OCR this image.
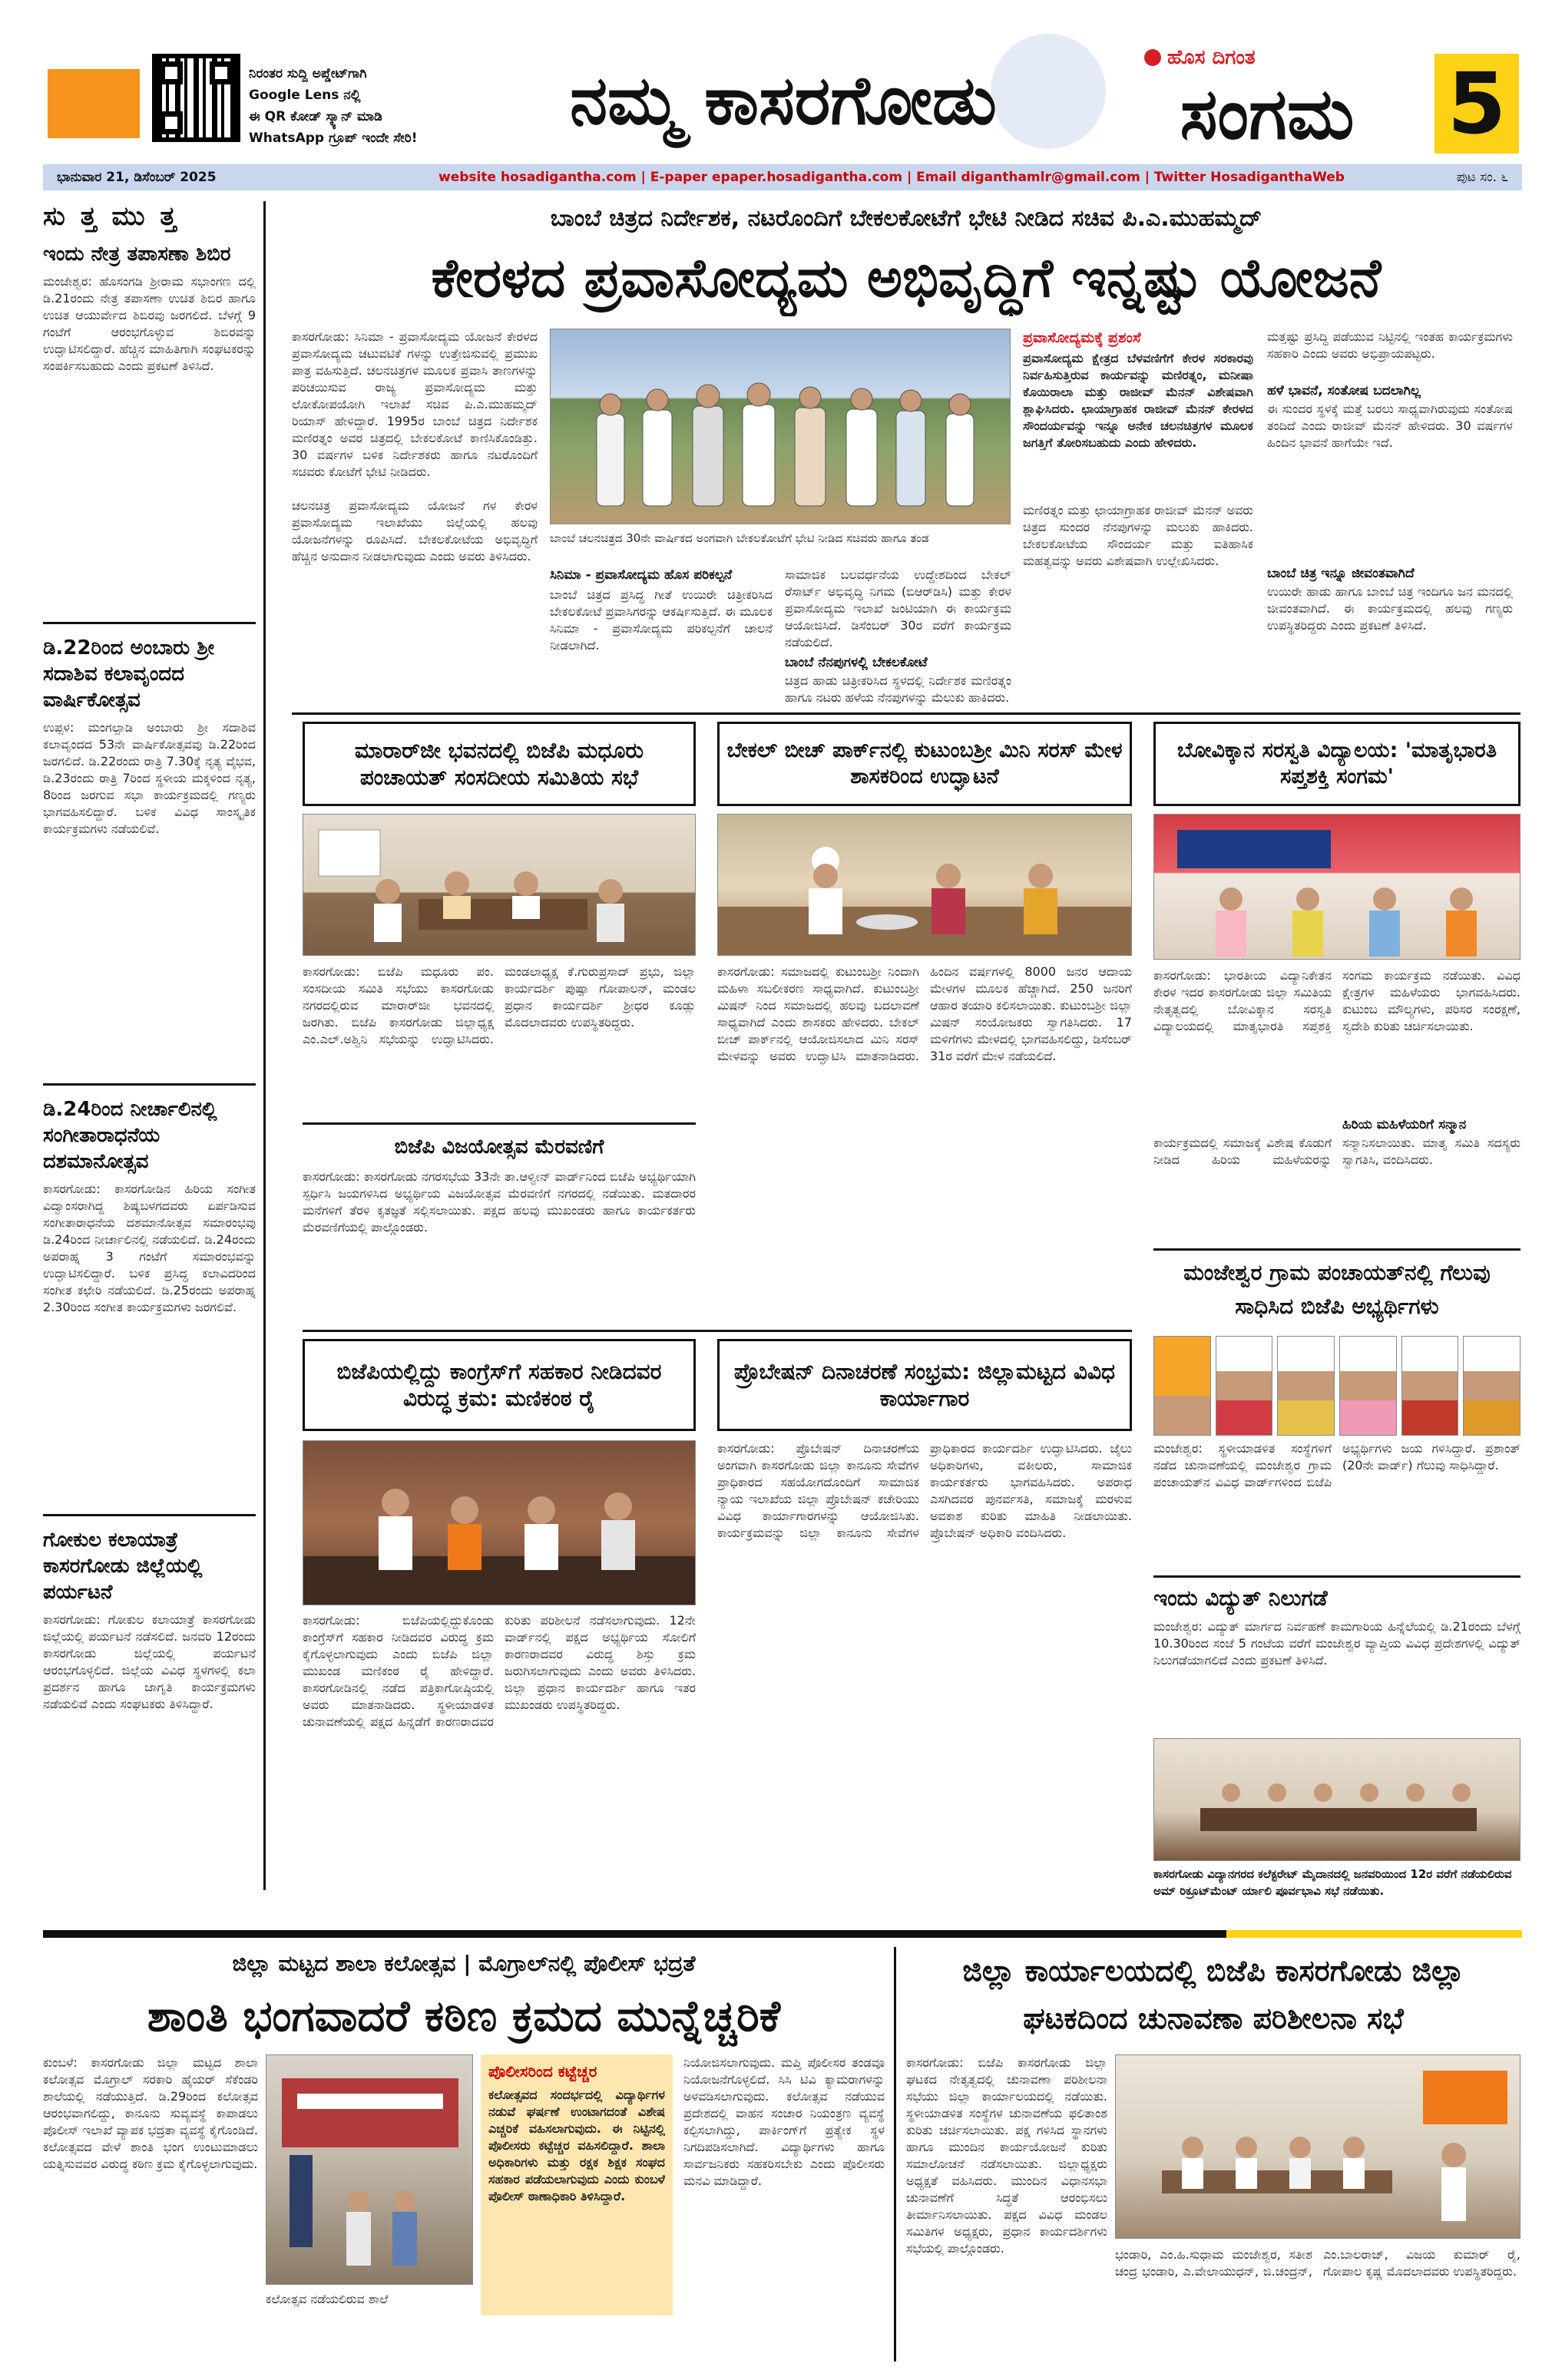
ನಿರಂತರ ಸುದ್ದಿ ಅಪ್ಡೇಟ್‌ಗಾಗಿ
Google Lens ನಲ್ಲಿ
ಈ QR ಕೋಡ್ ಸ್ಕ್ಯಾನ್ ಮಾಡಿ
WhatsApp ಗ್ರೂಪ್ ಇಂದೇ ಸೇರಿ!	ನಮ್ಮ ಕಾಸರಗೋಡು
ಹೊಸ ದಿಗಂತ
ಸಂಗಮ	5
ಭಾನುವಾರ 21, ಡಿಸೆಂಬರ್ 2025	website hosadigantha.com | E-paper epaper.hosadigantha.com | Email diganthamlr@gmail.com | Twitter HosadiganthaWeb	ಪುಟ ಸಂ. ೬
ಸು ತ್ತ ಮು ತ್ತ
ಇಂದು ನೇತ್ರ ತಪಾಸಣಾ ಶಿಬಿರ
ಮಂಜೇಶ್ವರ: ಹೊಸಂಗಡಿ ಶ್ರೀರಾಮ ಸಭಾಂಗಣ ದಲ್ಲಿ ಡಿ.21ರಂದು ನೇತ್ರ ತಪಾಸಣಾ ಉಚಿತ ಶಿಬಿರ ಹಾಗೂ ಉಚಿತ ಆಯುರ್ವೇದ ಶಿಬಿರವು ಜರಗಲಿದೆ. ಬೆಳಗ್ಗೆ 9 ಗಂಟೆಗೆ ಆರಂಭಗೊಳ್ಳುವ ಶಿಬಿರವನ್ನು ಉದ್ಘಾಟಿಸಲಿದ್ದಾರೆ. ಹೆಚ್ಚಿನ ಮಾಹಿತಿಗಾಗಿ ಸಂಘಟಕರನ್ನು ಸಂಪರ್ಕಿಸಬಹುದು ಎಂದು ಪ್ರಕಟಣೆ ತಿಳಿಸಿದೆ.
ಡಿ.22ರಿಂದ ಅಂಬಾರು ಶ್ರೀ ಸದಾಶಿವ ಕಲಾವೃಂದದ ವಾರ್ಷಿಕೋತ್ಸವ
ಉಪ್ಪಳ: ಮಂಗಲ್ಪಾಡಿ ಅಂಬಾರು ಶ್ರೀ ಸದಾಶಿವ ಕಲಾವೃಂದದ 53ನೇ ವಾರ್ಷಿಕೋತ್ಸವವು ಡಿ.22ರಿಂದ ಜರಗಲಿದೆ. ಡಿ.22ರಂದು ರಾತ್ರಿ 7.30ಕ್ಕೆ ನೃತ್ಯ ವೈಭವ, ಡಿ.23ರಂದು ರಾತ್ರಿ 7ರಿಂದ ಸ್ಥಳೀಯ ಮಕ್ಕಳಿಂದ ನೃತ್ಯ, 8ರಿಂದ ಜರಗುವ ಸಭಾ ಕಾರ್ಯಕ್ರಮದಲ್ಲಿ ಗಣ್ಯರು ಭಾಗವಹಿಸಲಿದ್ದಾರೆ. ಬಳಿಕ ವಿವಿಧ ಸಾಂಸ್ಕೃತಿಕ ಕಾರ್ಯಕ್ರಮಗಳು ನಡೆಯಲಿವೆ.
ಡಿ.24ರಿಂದ ನೀರ್ಚಾಲಿನಲ್ಲಿ ಸಂಗೀತಾರಾಧನೆಯ ದಶಮಾನೋತ್ಸವ
ಕಾಸರಗೋಡು: ಕಾಸರಗೋಡಿನ ಹಿರಿಯ ಸಂಗೀತ ವಿದ್ವಾಂಸರಾಗಿದ್ದ ಶಿಷ್ಯಬಳಗದವರು ಏರ್ಪಡಿಸುವ ಸಂಗೀತಾರಾಧನೆಯ ದಶಮಾನೋತ್ಸವ ಸಮಾರಂಭವು ಡಿ.24ರಿಂದ ನೀರ್ಚಾಲಿನಲ್ಲಿ ನಡೆಯಲಿದೆ. ಡಿ.24ರಂದು ಅಪರಾಹ್ನ 3 ಗಂಟೆಗೆ ಸಮಾರಂಭವನ್ನು ಉದ್ಘಾಟಿಸಲಿದ್ದಾರೆ. ಬಳಿಕ ಪ್ರಸಿದ್ಧ ಕಲಾವಿದರಿಂದ ಸಂಗೀತ ಕಛೇರಿ ನಡೆಯಲಿದೆ. ಡಿ.25ರಂದು ಅಪರಾಹ್ನ 2.30ರಿಂದ ಸಂಗೀತ ಕಾರ್ಯಕ್ರಮಗಳು ಜರಗಲಿವೆ.
ಗೋಕುಲ ಕಲಾಯಾತ್ರೆ ಕಾಸರಗೋಡು ಜಿಲ್ಲೆಯಲ್ಲಿ ಪರ್ಯಟನೆ
ಕಾಸರಗೋಡು: ಗೋಕುಲ ಕಲಾಯಾತ್ರೆ ಕಾಸರಗೋಡು ಜಿಲ್ಲೆಯಲ್ಲಿ ಪರ್ಯಟನೆ ನಡೆಸಲಿದೆ. ಜನವರಿ 12ರಂದು ಕಾಸರಗೋಡು ಜಿಲ್ಲೆಯಲ್ಲಿ ಪರ್ಯಟನೆ ಆರಂಭಗೊಳ್ಳಲಿದೆ. ಜಿಲ್ಲೆಯ ವಿವಿಧ ಸ್ಥಳಗಳಲ್ಲಿ ಕಲಾ ಪ್ರದರ್ಶನ ಹಾಗೂ ಜಾಗೃತಿ ಕಾರ್ಯಕ್ರಮಗಳು ನಡೆಯಲಿವೆ ಎಂದು ಸಂಘಟಕರು ತಿಳಿಸಿದ್ದಾರೆ.
ಬಾಂಬೆ ಚಿತ್ರದ ನಿರ್ದೇಶಕ, ನಟರೊಂದಿಗೆ ಬೇಕಲಕೋಟೆಗೆ ಭೇಟಿ ನೀಡಿದ ಸಚಿವ ಪಿ.ಎ.ಮುಹಮ್ಮದ್
ಕೇರಳದ ಪ್ರವಾಸೋದ್ಯಮ ಅಭಿವೃದ್ಧಿಗೆ ಇನ್ನಷ್ಟು ಯೋಜನೆ
ಕಾಸರಗೋಡು: ಸಿನಿಮಾ - ಪ್ರವಾಸೋದ್ಯಮ ಯೋಜನೆ ಕೇರಳದ ಪ್ರವಾಸೋದ್ಯಮ ಚಟುವಟಿಕೆ ಗಳನ್ನು ಉತ್ತೇಜಿಸುವಲ್ಲಿ ಪ್ರಮುಖ ಪಾತ್ರ ವಹಿಸುತ್ತಿದೆ. ಚಲನಚಿತ್ರಗಳ ಮೂಲಕ ಪ್ರವಾಸಿ ತಾಣಗಳನ್ನು ಪರಿಚಯಿಸುವ ರಾಜ್ಯ ಪ್ರವಾಸೋದ್ಯಮ ಮತ್ತು ಲೋಕೋಪಯೋಗಿ ಇಲಾಖೆ ಸಚಿವ ಪಿ.ಎ.ಮುಹಮ್ಮದ್ ರಿಯಾಸ್ ಹೇಳಿದ್ದಾರೆ. 1995ರ ಬಾಂಬೆ ಚಿತ್ರದ ನಿರ್ದೇಶಕ ಮಣಿರತ್ನಂ ಅವರ ಚಿತ್ರದಲ್ಲಿ ಬೇಕಲಕೋಟೆ ಕಾಣಿಸಿಕೊಂಡಿತ್ತು. 30 ವರ್ಷಗಳ ಬಳಿಕ ನಿರ್ದೇಶಕರು ಹಾಗೂ ನಟರೊಂದಿಗೆ ಸಚಿವರು ಕೋಟೆಗೆ ಭೇಟಿ ನೀಡಿದರು.
ಬಾಂಬೆ ಚಲನಚಿತ್ರದ 30ನೇ ವಾರ್ಷಿಕದ ಅಂಗವಾಗಿ ಬೇಕಲಕೋಟೆಗೆ ಭೇಟಿ ನೀಡಿದ ಸಚಿವರು ಹಾಗೂ ತಂಡ
ಚಲನಚಿತ್ರ ಪ್ರವಾಸೋದ್ಯಮ ಯೋಜನೆ ಗಳ ಕೇರಳ ಪ್ರವಾಸೋದ್ಯಮ ಇಲಾಖೆಯು ಜಿಲ್ಲೆಯಲ್ಲಿ ಹಲವು ಯೋಜನೆಗಳನ್ನು ರೂಪಿಸಿದೆ. ಬೇಕಲಕೋಟೆಯ ಅಭಿವೃದ್ಧಿಗೆ ಹೆಚ್ಚಿನ ಅನುದಾನ ನೀಡಲಾಗುವುದು ಎಂದು ಅವರು ತಿಳಿಸಿದರು.
ಸಿನಿಮಾ - ಪ್ರವಾಸೋದ್ಯಮ ಹೊಸ ಪರಿಕಲ್ಪನೆ
ಬಾಂಬೆ ಚಿತ್ರದ ಪ್ರಸಿದ್ಧ ಗೀತೆ ಉಯಿರೇ ಚಿತ್ರೀಕರಿಸಿದ ಬೇಕಲಕೋಟೆ ಪ್ರವಾಸಿಗರನ್ನು ಆಕರ್ಷಿಸುತ್ತಿದೆ. ಈ ಮೂಲಕ ಸಿನಿಮಾ - ಪ್ರವಾಸೋದ್ಯಮ ಪರಿಕಲ್ಪನೆಗೆ ಚಾಲನೆ ನೀಡಲಾಗಿದೆ.
ಸಾಮಾಜಿಕ ಬಲವರ್ಧನೆಯ ಉದ್ದೇಶದಿಂದ ಬೇಕಲ್ ರೆಸಾರ್ಟ್ ಅಭಿವೃದ್ಧಿ ನಿಗಮ (ಬಿಆರ್‌ಡಿಸಿ) ಮತ್ತು ಕೇರಳ ಪ್ರವಾಸೋದ್ಯಮ ಇಲಾಖೆ ಜಂಟಿಯಾಗಿ ಈ ಕಾರ್ಯಕ್ರಮ ಆಯೋಜಿಸಿದೆ. ಡಿಸೆಂಬರ್ 30ರ ವರೆಗೆ ಕಾರ್ಯಕ್ರಮ ನಡೆಯಲಿದೆ.
ಬಾಂಬೆ ನೆನಪುಗಳಲ್ಲಿ ಬೇಕಲಕೋಟೆ
ಚಿತ್ರದ ಹಾಡು ಚಿತ್ರೀಕರಿಸಿದ ಸ್ಥಳದಲ್ಲಿ ನಿರ್ದೇಶಕ ಮಣಿರತ್ನಂ ಹಾಗೂ ನಟರು ಹಳೆಯ ನೆನಪುಗಳನ್ನು ಮೆಲುಕು ಹಾಕಿದರು.
ಪ್ರವಾಸೋದ್ಯಮಕ್ಕೆ ಪ್ರಶಂಸೆ
ಪ್ರವಾಸೋದ್ಯಮ ಕ್ಷೇತ್ರದ ಬೆಳವಣಿಗೆಗೆ ಕೇರಳ ಸರಕಾರವು ನಿರ್ವಹಿಸುತ್ತಿರುವ ಕಾರ್ಯವನ್ನು ಮಣಿರತ್ನಂ, ಮನೀಷಾ ಕೊಯಿರಾಲಾ ಮತ್ತು ರಾಜೀವ್ ಮೆನನ್ ವಿಶೇಷವಾಗಿ ಶ್ಲಾಘಿಸಿದರು. ಛಾಯಾಗ್ರಾಹಕ ರಾಜೀವ್ ಮೆನನ್ ಕೇರಳದ ಸೌಂದರ್ಯವನ್ನು ಇನ್ನೂ ಅನೇಕ ಚಲನಚಿತ್ರಗಳ ಮೂಲಕ ಜಗತ್ತಿಗೆ ತೋರಿಸಬಹುದು ಎಂದು ಹೇಳಿದರು.
ಮಣಿರತ್ನಂ ಮತ್ತು ಛಾಯಾಗ್ರಾಹಕ ರಾಜೀವ್ ಮೆನನ್ ಅವರು ಚಿತ್ರದ ಸುಂದರ ನೆನಪುಗಳನ್ನು ಮಲುಕು ಹಾಕಿದರು. ಬೇಕಲಕೋಟೆಯ ಸೌಂದರ್ಯ ಮತ್ತು ಐತಿಹಾಸಿಕ ಮಹತ್ವವನ್ನು ಅವರು ವಿಶೇಷವಾಗಿ ಉಲ್ಲೇಖಿಸಿದರು.
ಮತ್ತಷ್ಟು ಪ್ರಸಿದ್ಧಿ ಪಡೆಯುವ ನಿಟ್ಟಿನಲ್ಲಿ ಇಂತಹ ಕಾರ್ಯಕ್ರಮಗಳು ಸಹಕಾರಿ ಎಂದು ಅವರು ಅಭಿಪ್ರಾಯಪಟ್ಟರು.
ಹಳೆ ಭಾವನೆ, ಸಂತೋಷ ಬದಲಾಗಿಲ್ಲ
ಈ ಸುಂದರ ಸ್ಥಳಕ್ಕೆ ಮತ್ತೆ ಬರಲು ಸಾಧ್ಯವಾಗಿರುವುದು ಸಂತೋಷ ತಂದಿದೆ ಎಂದು ರಾಜೀವ್ ಮೆನನ್ ಹೇಳಿದರು. 30 ವರ್ಷಗಳ ಹಿಂದಿನ ಭಾವನೆ ಹಾಗೆಯೇ ಇದೆ.
ಬಾಂಬೆ ಚಿತ್ರ ಇನ್ನೂ ಜೀವಂತವಾಗಿದೆ
ಉಯಿರೇ ಹಾಡು ಹಾಗೂ ಬಾಂಬೆ ಚಿತ್ರ ಇಂದಿಗೂ ಜನ ಮನದಲ್ಲಿ ಜೀವಂತವಾಗಿದೆ. ಈ ಕಾರ್ಯಕ್ರಮದಲ್ಲಿ ಹಲವು ಗಣ್ಯರು ಉಪಸ್ಥಿತರಿದ್ದರು ಎಂದು ಪ್ರಕಟಣೆ ತಿಳಿಸಿದೆ.
ಮಾರಾರ್‌ಜೀ ಭವನದಲ್ಲಿ ಬಿಜೆಪಿ ಮಧೂರು ಪಂಚಾಯತ್ ಸಂಸದೀಯ ಸಮಿತಿಯ ಸಭೆ
ಕಾಸರಗೋಡು: ಬಿಜೆಪಿ ಮಧೂರು ಪಂ. ಸಂಸದೀಯ ಸಮಿತಿ ಸಭೆಯು ಕಾಸರಗೋಡು ನಗರದಲ್ಲಿರುವ ಮಾರಾರ್‌ಜೀ ಭವನದಲ್ಲಿ ಜರಗಿತು. ಬಿಜೆಪಿ ಕಾಸರಗೋಡು ಜಿಲ್ಲಾಧ್ಯಕ್ಷ ಎಂ.ಎಲ್.ಅಶ್ವಿನಿ ಸಭೆಯನ್ನು ಉದ್ಘಾಟಿಸಿದರು. ಮಂಡಲಾಧ್ಯಕ್ಷ ಕೆ.ಗುರುಪ್ರಸಾದ್ ಪ್ರಭು, ಜಿಲ್ಲಾ ಕಾರ್ಯದರ್ಶಿ ಪುಷ್ಪಾ ಗೋಪಾಲನ್, ಮಂಡಲ ಪ್ರಧಾನ ಕಾರ್ಯದರ್ಶಿ ಶ್ರೀಧರ ಕೂಡ್ಲು ಮೊದಲಾದವರು ಉಪಸ್ಥಿತರಿದ್ದರು.
ಬಿಜೆಪಿ ವಿಜಯೋತ್ಸವ ಮೆರವಣಿಗೆ
ಕಾಸರಗೋಡು: ಕಾಸರಗೋಡು ನಗರಸಭೆಯ 33ನೇ ತಾ.ಆಳ್ವೀನ್ ವಾರ್ಡ್‌ನಿಂದ ಬಿಜೆಪಿ ಅಭ್ಯರ್ಥಿಯಾಗಿ ಸ್ಪರ್ಧಿಸಿ ಜಯಗಳಿಸಿದ ಅಭ್ಯರ್ಥಿಯ ವಿಜಯೋತ್ಸವ ಮೆರವಣಿಗೆ ನಗರದಲ್ಲಿ ನಡೆಯಿತು. ಮತದಾರರ ಮನೆಗಳಿಗೆ ತೆರಳಿ ಕೃತಜ್ಞತೆ ಸಲ್ಲಿಸಲಾಯಿತು. ಪಕ್ಷದ ಹಲವು ಮುಖಂಡರು ಹಾಗೂ ಕಾರ್ಯಕರ್ತರು ಮೆರವಣಿಗೆಯಲ್ಲಿ ಪಾಲ್ಗೊಂಡರು.
ಬೇಕಲ್ ಬೀಚ್ ಪಾರ್ಕ್‌ನಲ್ಲಿ ಕುಟುಂಬಶ್ರೀ ಮಿನಿ ಸರಸ್ ಮೇಳ ಶಾಸಕರಿಂದ ಉದ್ಘಾಟನೆ
ಕಾಸರಗೋಡು: ಸಮಾಜದಲ್ಲಿ ಕುಟುಂಬಶ್ರೀ ನಿಂದಾಗಿ ಮಹಿಳಾ ಸಬಲೀಕರಣ ಸಾಧ್ಯವಾಗಿದೆ. ಕುಟುಂಬಶ್ರೀ ಮಿಷನ್ ನಿಂದ ಸಮಾಜದಲ್ಲಿ ಹಲವು ಬದಲಾವಣೆ ಸಾಧ್ಯವಾಗಿದೆ ಎಂದು ಶಾಸಕರು ಹೇಳಿದರು. ಬೇಕಲ್ ಬೀಚ್ ಪಾರ್ಕ್‌ನಲ್ಲಿ ಆಯೋಜಿಸಲಾದ ಮಿನಿ ಸರಸ್ ಮೇಳವನ್ನು ಅವರು ಉದ್ಘಾಟಿಸಿ ಮಾತನಾಡಿದರು. ಹಿಂದಿನ ವರ್ಷಗಳಲ್ಲಿ 8000 ಜನರ ಆದಾಯ ಮೇಳಗಳ ಮೂಲಕ ಹೆಚ್ಚಾಗಿದೆ. 250 ಜನರಿಗೆ ಆಹಾರ ತಯಾರಿ ಕಲಿಸಲಾಯಿತು. ಕುಟುಂಬಶ್ರೀ ಜಿಲ್ಲಾ ಮಿಷನ್ ಸಂಯೋಜಕರು ಸ್ವಾಗತಿಸಿದರು. 17 ಮಳಿಗೆಗಳು ಮೇಳದಲ್ಲಿ ಭಾಗವಹಿಸಲಿದ್ದು, ಡಿಸೆಂಬರ್ 31ರ ವರೆಗೆ ಮೇಳ ನಡೆಯಲಿದೆ.
ಬೋವಿಕ್ಕಾನ ಸರಸ್ವತಿ ವಿದ್ಯಾಲಯ: 'ಮಾತೃಭಾರತಿ ಸಪ್ತಶಕ್ತಿ ಸಂಗಮ'
ಕಾಸರಗೋಡು: ಭಾರತೀಯ ವಿದ್ಯಾನಿಕೇತನ ಕೇರಳ ಇದರ ಕಾಸರಗೋಡು ಜಿಲ್ಲಾ ಸಮಿತಿಯ ನೇತೃತ್ವದಲ್ಲಿ ಬೋವಿಕ್ಕಾನ ಸರಸ್ವತಿ ವಿದ್ಯಾಲಯದಲ್ಲಿ ಮಾತೃಭಾರತಿ ಸಪ್ತಶಕ್ತಿ ಸಂಗಮ ಕಾರ್ಯಕ್ರಮ ನಡೆಯಿತು. ವಿವಿಧ ಕ್ಷೇತ್ರಗಳ ಮಹಿಳೆಯರು ಭಾಗವಹಿಸಿದರು. ಕುಟುಂಬ ಮೌಲ್ಯಗಳು, ಪರಿಸರ ಸಂರಕ್ಷಣೆ, ಸ್ವದೇಶಿ ಕುರಿತು ಚರ್ಚಿಸಲಾಯಿತು.
ಹಿರಿಯ ಮಹಿಳೆಯರಿಗೆ ಸನ್ಮಾನ
ಕಾರ್ಯಕ್ರಮದಲ್ಲಿ ಸಮಾಜಕ್ಕೆ ವಿಶೇಷ ಕೊಡುಗೆ ನೀಡಿದ ಹಿರಿಯ ಮಹಿಳೆಯರನ್ನು ಸನ್ಮಾನಿಸಲಾಯಿತು. ಮಾತೃ ಸಮಿತಿ ಸದಸ್ಯರು ಸ್ವಾಗತಿಸಿ, ವಂದಿಸಿದರು.
ಮಂಜೇಶ್ವರ ಗ್ರಾಮ ಪಂಚಾಯತ್‌ನಲ್ಲಿ ಗೆಲುವು ಸಾಧಿಸಿದ ಬಿಜೆಪಿ ಅಭ್ಯರ್ಥಿಗಳು
ಬಿಜೆಪಿಯಲ್ಲಿದ್ದು ಕಾಂಗ್ರೆಸ್‌ಗೆ ಸಹಕಾರ ನೀಡಿದವರ ವಿರುದ್ಧ ಕ್ರಮ: ಮಣಿಕಂಠ ರೈ
ಕಾಸರಗೋಡು: ಬಿಜೆಪಿಯಲ್ಲಿದ್ದುಕೊಂಡು ಕಾಂಗ್ರೆಸ್‌ಗೆ ಸಹಕಾರ ನೀಡಿದವರ ವಿರುದ್ಧ ಕ್ರಮ ಕೈಗೊಳ್ಳಲಾಗುವುದು ಎಂದು ಬಿಜೆಪಿ ಜಿಲ್ಲಾ ಮುಖಂಡ ಮಣಿಕಂಠ ರೈ ಹೇಳಿದ್ದಾರೆ. ಕಾಸರಗೋಡಿನಲ್ಲಿ ನಡೆದ ಪತ್ರಿಕಾಗೋಷ್ಠಿಯಲ್ಲಿ ಅವರು ಮಾತನಾಡಿದರು. ಸ್ಥಳೀಯಾಡಳಿತ ಚುನಾವಣೆಯಲ್ಲಿ ಪಕ್ಷದ ಹಿನ್ನಡೆಗೆ ಕಾರಣರಾದವರ ಕುರಿತು ಪರಿಶೀಲನೆ ನಡೆಸಲಾಗುವುದು. 12ನೇ ವಾರ್ಡ್‌ನಲ್ಲಿ ಪಕ್ಷದ ಅಭ್ಯರ್ಥಿಯ ಸೋಲಿಗೆ ಕಾರಣರಾದವರ ವಿರುದ್ಧ ಶಿಸ್ತು ಕ್ರಮ ಜರುಗಿಸಲಾಗುವುದು ಎಂದು ಅವರು ತಿಳಿಸಿದರು. ಜಿಲ್ಲಾ ಪ್ರಧಾನ ಕಾರ್ಯದರ್ಶಿ ಹಾಗೂ ಇತರ ಮುಖಂಡರು ಉಪಸ್ಥಿತರಿದ್ದರು.
ಪ್ರೊಬೇಷನ್ ದಿನಾಚರಣೆ ಸಂಭ್ರಮ: ಜಿಲ್ಲಾಮಟ್ಟದ ವಿವಿಧ ಕಾರ್ಯಾಗಾರ
ಕಾಸರಗೋಡು: ಪ್ರೊಬೇಷನ್ ದಿನಾಚರಣೆಯ ಅಂಗವಾಗಿ ಕಾಸರಗೋಡು ಜಿಲ್ಲಾ ಕಾನೂನು ಸೇವೆಗಳ ಪ್ರಾಧಿಕಾರದ ಸಹಯೋಗದೊಂದಿಗೆ ಸಾಮಾಜಿಕ ನ್ಯಾಯ ಇಲಾಖೆಯ ಜಿಲ್ಲಾ ಪ್ರೊಬೇಷನ್ ಕಚೇರಿಯು ವಿವಿಧ ಕಾರ್ಯಾಗಾರಗಳನ್ನು ಆಯೋಜಿಸಿತು. ಕಾರ್ಯಕ್ರಮವನ್ನು ಜಿಲ್ಲಾ ಕಾನೂನು ಸೇವೆಗಳ ಪ್ರಾಧಿಕಾರದ ಕಾರ್ಯದರ್ಶಿ ಉದ್ಘಾಟಿಸಿದರು. ಜೈಲು ಅಧಿಕಾರಿಗಳು, ವಕೀಲರು, ಸಾಮಾಜಿಕ ಕಾರ್ಯಕರ್ತರು ಭಾಗವಹಿಸಿದರು. ಅಪರಾಧ ಎಸಗಿದವರ ಪುನರ್ವಸತಿ, ಸಮಾಜಕ್ಕೆ ಮರಳುವ ಅವಕಾಶ ಕುರಿತು ಮಾಹಿತಿ ನೀಡಲಾಯಿತು. ಪ್ರೊಬೇಷನ್ ಅಧಿಕಾರಿ ವಂದಿಸಿದರು.
ಮಂಜೇಶ್ವರ: ಸ್ಥಳೀಯಾಡಳಿತ ಸಂಸ್ಥೆಗಳಿಗೆ ನಡೆದ ಚುನಾವಣೆಯಲ್ಲಿ ಮಂಜೇಶ್ವರ ಗ್ರಾಮ ಪಂಚಾಯತ್‌ನ ವಿವಿಧ ವಾರ್ಡ್‌ಗಳಿಂದ ಬಿಜೆಪಿ ಅಭ್ಯರ್ಥಿಗಳು ಜಯ ಗಳಿಸಿದ್ದಾರೆ. ಪ್ರಶಾಂತ್ (20ನೇ ವಾರ್ಡ್) ಗೆಲುವು ಸಾಧಿಸಿದ್ದಾರೆ.
ಇಂದು ವಿದ್ಯುತ್ ನಿಲುಗಡೆ
ಮಂಜೇಶ್ವರ: ವಿದ್ಯುತ್ ಮಾರ್ಗದ ನಿರ್ವಹಣೆ ಕಾಮಗಾರಿಯ ಹಿನ್ನೆಲೆಯಲ್ಲಿ ಡಿ.21ರಂದು ಬೆಳಗ್ಗೆ 10.30ರಿಂದ ಸಂಜೆ 5 ಗಂಟೆಯ ವರೆಗೆ ಮಂಜೇಶ್ವರ ವ್ಯಾಪ್ತಿಯ ವಿವಿಧ ಪ್ರದೇಶಗಳಲ್ಲಿ ವಿದ್ಯುತ್ ನಿಲುಗಡೆಯಾಗಲಿದೆ ಎಂದು ಪ್ರಕಟಣೆ ತಿಳಿಸಿದೆ.
ಕಾಸರಗೋಡು ವಿದ್ಯಾನಗರದ ಕಲೆಕ್ಟರೇಟ್ ಮೈದಾನದಲ್ಲಿ ಜನವರಿಯಿಂದ 12ರ ವರೆಗೆ ನಡೆಯಲಿರುವ ಅಮ್ ರಿಕ್ರೂಟ್‌ಮೆಂಟ್ ರ್ಯಾಲಿ ಪೂರ್ವಭಾವಿ ಸಭೆ ನಡೆಯಿತು.
ಜಿಲ್ಲಾ ಮಟ್ಟದ ಶಾಲಾ ಕಲೋತ್ಸವ | ಮೊಗ್ರಾಲ್‌ನಲ್ಲಿ ಪೊಲೀಸ್ ಭದ್ರತೆ
ಶಾಂತಿ ಭಂಗವಾದರೆ ಕಠಿಣ ಕ್ರಮದ ಮುನ್ನೆಚ್ಚರಿಕೆ
ಕುಂಬಳೆ: ಕಾಸರಗೋಡು ಜಿಲ್ಲಾ ಮಟ್ಟದ ಶಾಲಾ ಕಲೋತ್ಸವ ಮೊಗ್ರಾಲ್ ಸರಕಾರಿ ಹೈಯರ್ ಸೆಕೆಂಡರಿ ಶಾಲೆಯಲ್ಲಿ ನಡೆಯುತ್ತಿದೆ. ಡಿ.29ರಿಂದ ಕಲೋತ್ಸವ ಆರಂಭವಾಗಲಿದ್ದು, ಕಾನೂನು ಸುವ್ಯವಸ್ಥೆ ಕಾಪಾಡಲು ಪೊಲೀಸ್ ಇಲಾಖೆ ವ್ಯಾಪಕ ಭದ್ರತಾ ವ್ಯವಸ್ಥೆ ಕೈಗೊಂಡಿದೆ. ಕಲೋತ್ಸವದ ವೇಳೆ ಶಾಂತಿ ಭಂಗ ಉಂಟುಮಾಡಲು ಯತ್ನಿಸುವವರ ವಿರುದ್ಧ ಕಠಿಣ ಕ್ರಮ ಕೈಗೊಳ್ಳಲಾಗುವುದು.
ಕಲೋತ್ಸವ ನಡೆಯಲಿರುವ ಶಾಲೆ
ಪೊಲೀಸರಿಂದ ಕಟ್ಟೆಚ್ಚರ
ಕಲೋತ್ಸವದ ಸಂದರ್ಭದಲ್ಲಿ ವಿದ್ಯಾರ್ಥಿಗಳ ನಡುವೆ ಘರ್ಷಣೆ ಉಂಟಾಗದಂತೆ ವಿಶೇಷ ಎಚ್ಚರಿಕೆ ವಹಿಸಲಾಗುವುದು. ಈ ನಿಟ್ಟಿನಲ್ಲಿ ಪೊಲೀಸರು ಕಟ್ಟೆಚ್ಚರ ವಹಿಸಲಿದ್ದಾರೆ. ಶಾಲಾ ಅಧಿಕಾರಿಗಳು ಮತ್ತು ರಕ್ಷಕ ಶಿಕ್ಷಕ ಸಂಘದ ಸಹಕಾರ ಪಡೆಯಲಾಗುವುದು ಎಂದು ಕುಂಬಳೆ ಪೊಲೀಸ್ ಠಾಣಾಧಿಕಾರಿ ತಿಳಿಸಿದ್ದಾರೆ.
ನಿಯೋಜಿಸಲಾಗುವುದು. ಮಪ್ತಿ ಪೊಲೀಸರ ತಂಡವೂ ನಿಯೋಜನೆಗೊಳ್ಳಲಿದೆ. ಸಿಸಿ ಟಿವಿ ಕ್ಯಾಮರಾಗಳನ್ನು ಅಳವಡಿಸಲಾಗುವುದು. ಕಲೋತ್ಸವ ನಡೆಯುವ ಪ್ರದೇಶದಲ್ಲಿ ವಾಹನ ಸಂಚಾರ ನಿಯಂತ್ರಣ ವ್ಯವಸ್ಥೆ ಕಲ್ಪಿಸಲಾಗಿದ್ದು, ಪಾರ್ಕಿಂಗ್‌ಗೆ ಪ್ರತ್ಯೇಕ ಸ್ಥಳ ನಿಗದಿಪಡಿಸಲಾಗಿದೆ. ವಿದ್ಯಾರ್ಥಿಗಳು ಹಾಗೂ ಸಾರ್ವಜನಿಕರು ಸಹಕರಿಸಬೇಕು ಎಂದು ಪೊಲೀಸರು ಮನವಿ ಮಾಡಿದ್ದಾರೆ.
ಜಿಲ್ಲಾ ಕಾರ್ಯಾಲಯದಲ್ಲಿ ಬಿಜೆಪಿ ಕಾಸರಗೋಡು ಜಿಲ್ಲಾ ಘಟಕದಿಂದ ಚುನಾವಣಾ ಪರಿಶೀಲನಾ ಸಭೆ
ಕಾಸರಗೋಡು: ಬಿಜೆಪಿ ಕಾಸರಗೋಡು ಜಿಲ್ಲಾ ಘಟಕದ ನೇತೃತ್ವದಲ್ಲಿ ಚುನಾವಣಾ ಪರಿಶೀಲನಾ ಸಭೆಯು ಜಿಲ್ಲಾ ಕಾರ್ಯಾಲಯದಲ್ಲಿ ನಡೆಯಿತು. ಸ್ಥಳೀಯಾಡಳಿತ ಸಂಸ್ಥೆಗಳ ಚುನಾವಣೆಯ ಫಲಿತಾಂಶ ಕುರಿತು ಚರ್ಚಿಸಲಾಯಿತು. ಪಕ್ಷ ಗಳಿಸಿದ ಸ್ಥಾನಗಳು ಹಾಗೂ ಮುಂದಿನ ಕಾರ್ಯಯೋಜನೆ ಕುರಿತು ಸಮಾಲೋಚನೆ ನಡೆಸಲಾಯಿತು. ಜಿಲ್ಲಾಧ್ಯಕ್ಷರು ಅಧ್ಯಕ್ಷತೆ ವಹಿಸಿದರು. ಮುಂದಿನ ವಿಧಾನಸಭಾ ಚುನಾವಣೆಗೆ ಸಿದ್ಧತೆ ಆರಂಭಿಸಲು ತೀರ್ಮಾನಿಸಲಾಯಿತು. ಪಕ್ಷದ ವಿವಿಧ ಮಂಡಲ ಸಮಿತಿಗಳ ಅಧ್ಯಕ್ಷರು, ಪ್ರಧಾನ ಕಾರ್ಯದರ್ಶಿಗಳು ಸಭೆಯಲ್ಲಿ ಪಾಲ್ಗೊಂಡರು.	ಭಂಡಾರಿ, ಎಂ.ಹಿ.ಸುಧಾಮ ಮಂಜೇಶ್ವರ, ಸತೀಶ ಚಂದ್ರ ಭಂಡಾರಿ, ಎ.ವೇಲಾಯುಧನ್, ಜಿ.ಚಂದ್ರನ್, ಎಂ.ಬಾಲರಾಜ್, ವಿಜಯ ಕುಮಾರ್ ರೈ, ಗೋಪಾಲ ಕೃಷ್ಣ ಮೊದಲಾದವರು ಉಪಸ್ಥಿತರಿದ್ದರು.
